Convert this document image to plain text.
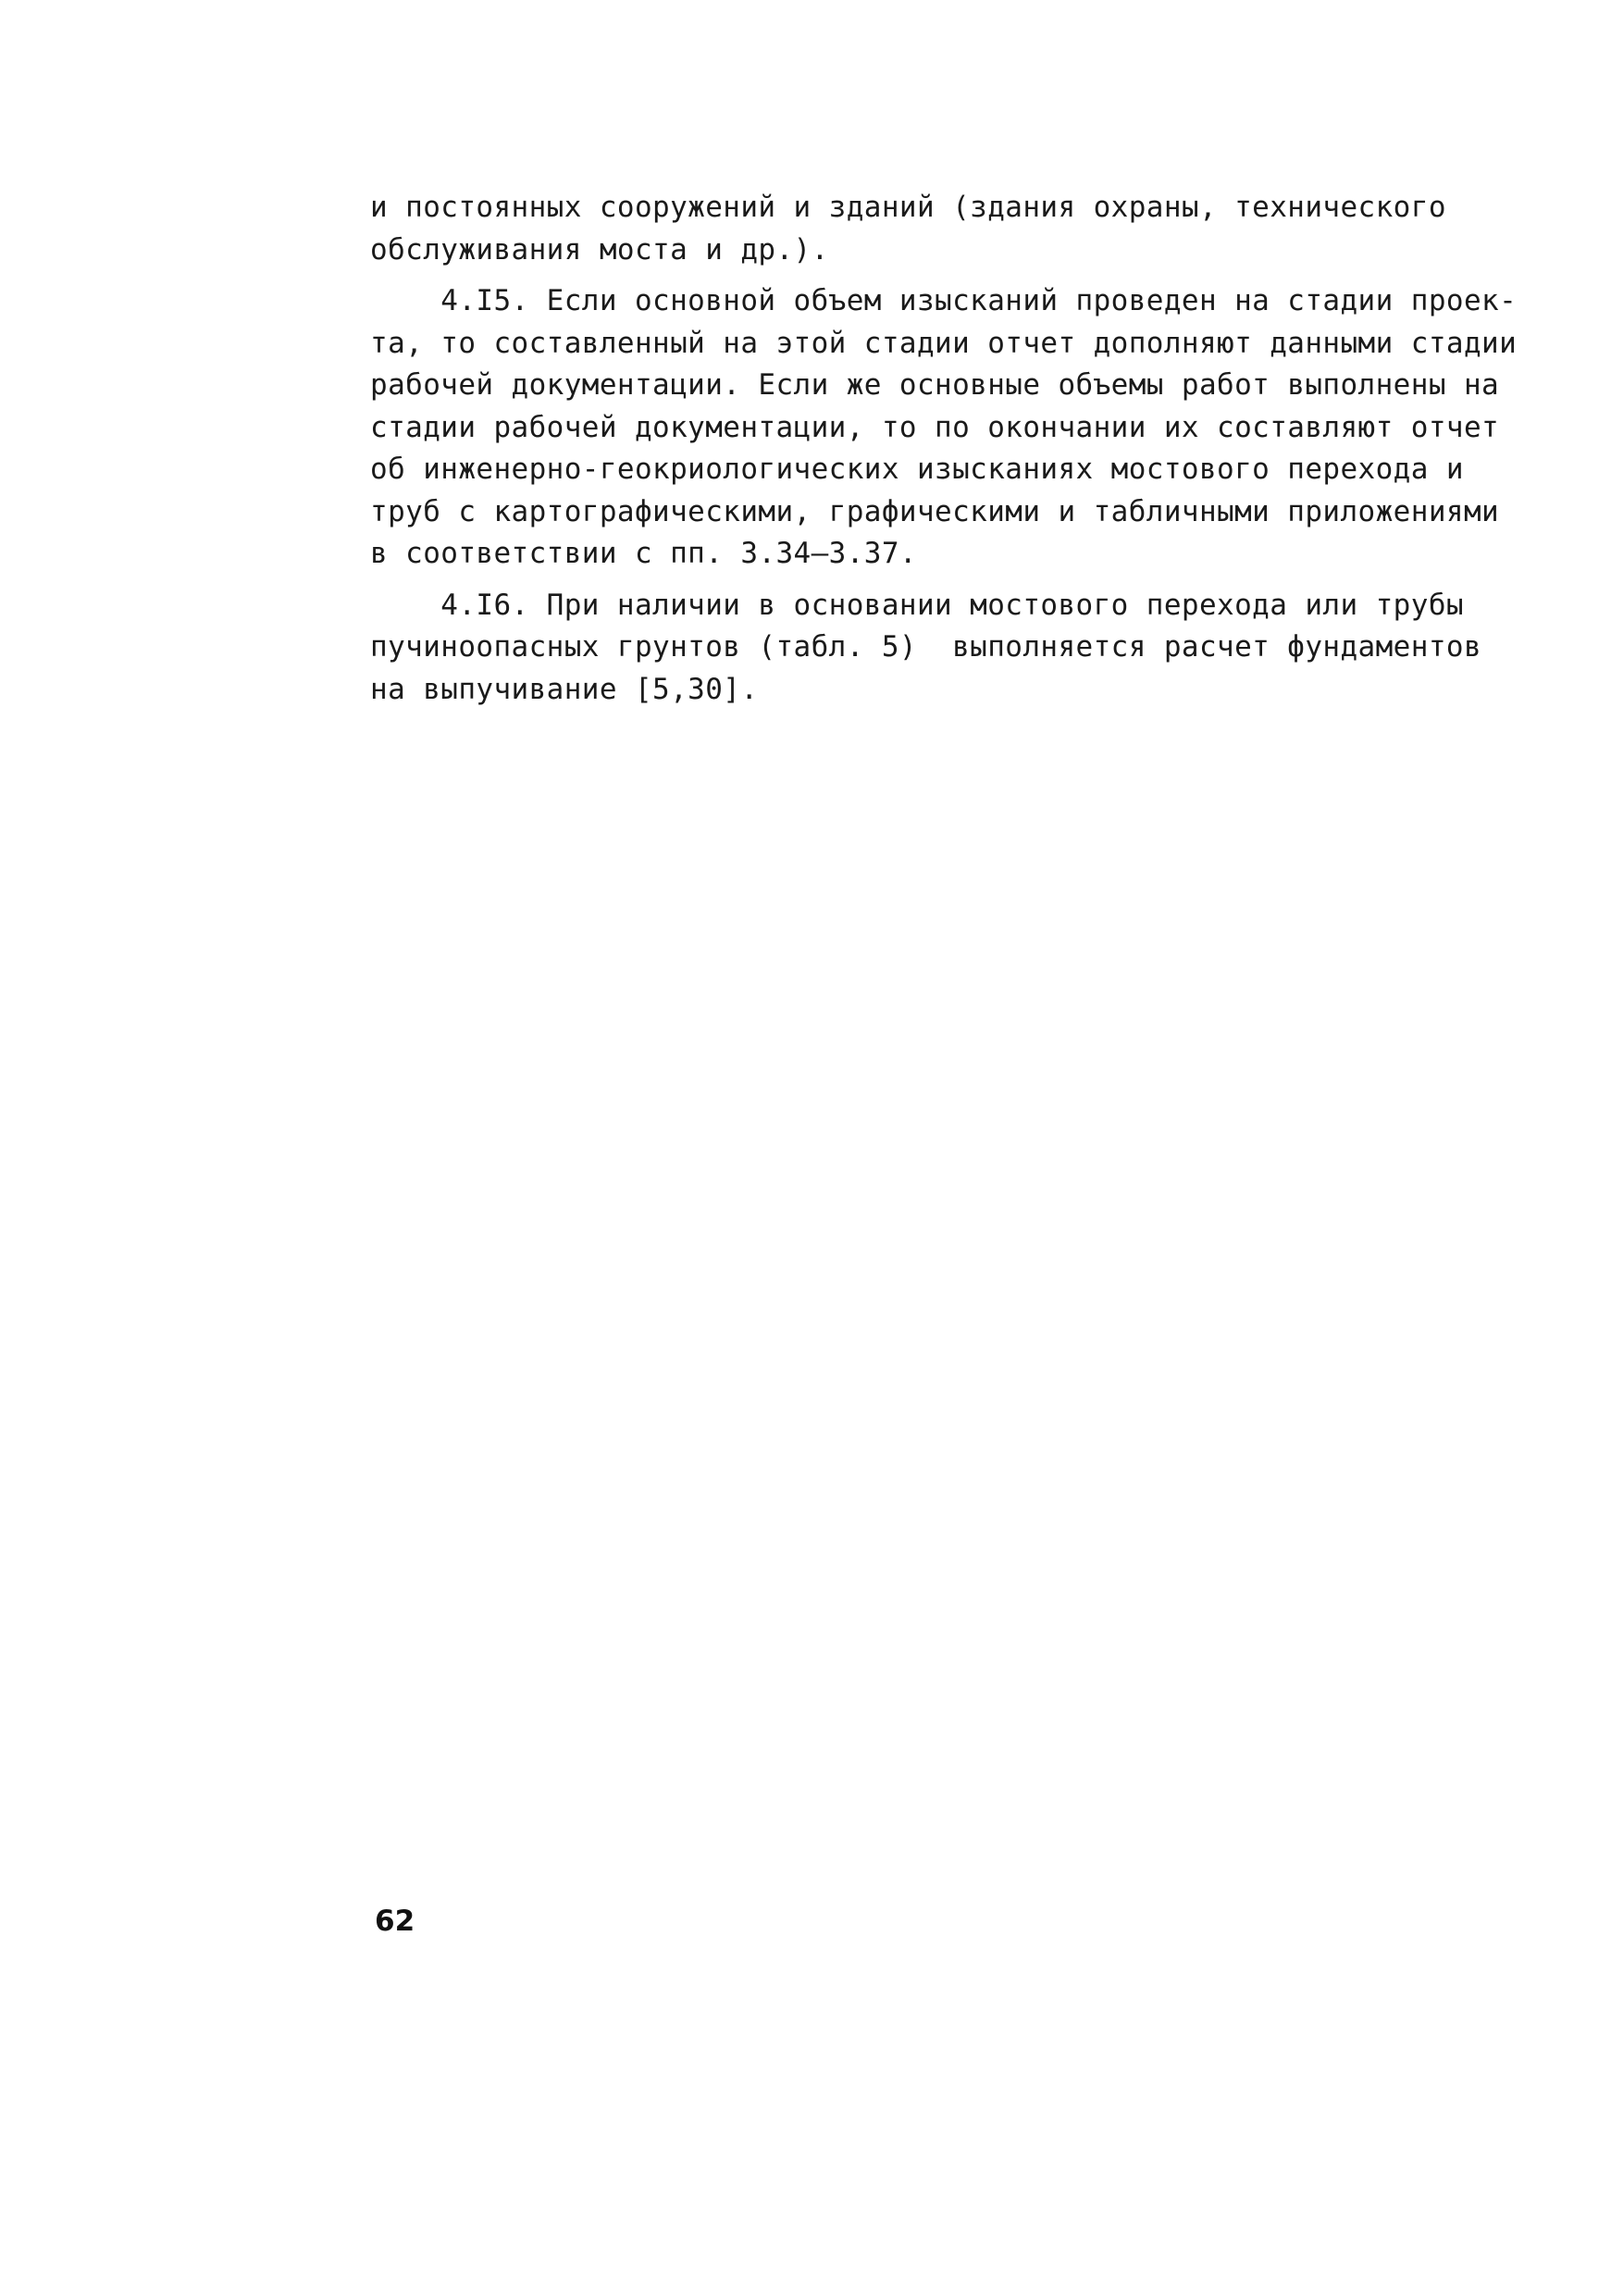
и постоянных сооружений и зданий (здания охраны, технического
обслуживания моста и др.).
4.I5. Если основной объем изысканий проведен на стадии проек-
та, то составленный на этой стадии отчет дополняют данными стадии
рабочей документации. Если же основные объемы работ выполнены на
стадии рабочей документации, то по окончании их составляют отчет
об инженерно-геокриологических изысканиях мостового перехода и
труб с картографическими, графическими и табличными приложениями
в соответствии с пп. 3.34–3.37.
4.I6. При наличии в основании мостового перехода или трубы
пучиноопасных грунтов (табл. 5)  выполняется расчет фундаментов
на выпучивание [5,30].
62
